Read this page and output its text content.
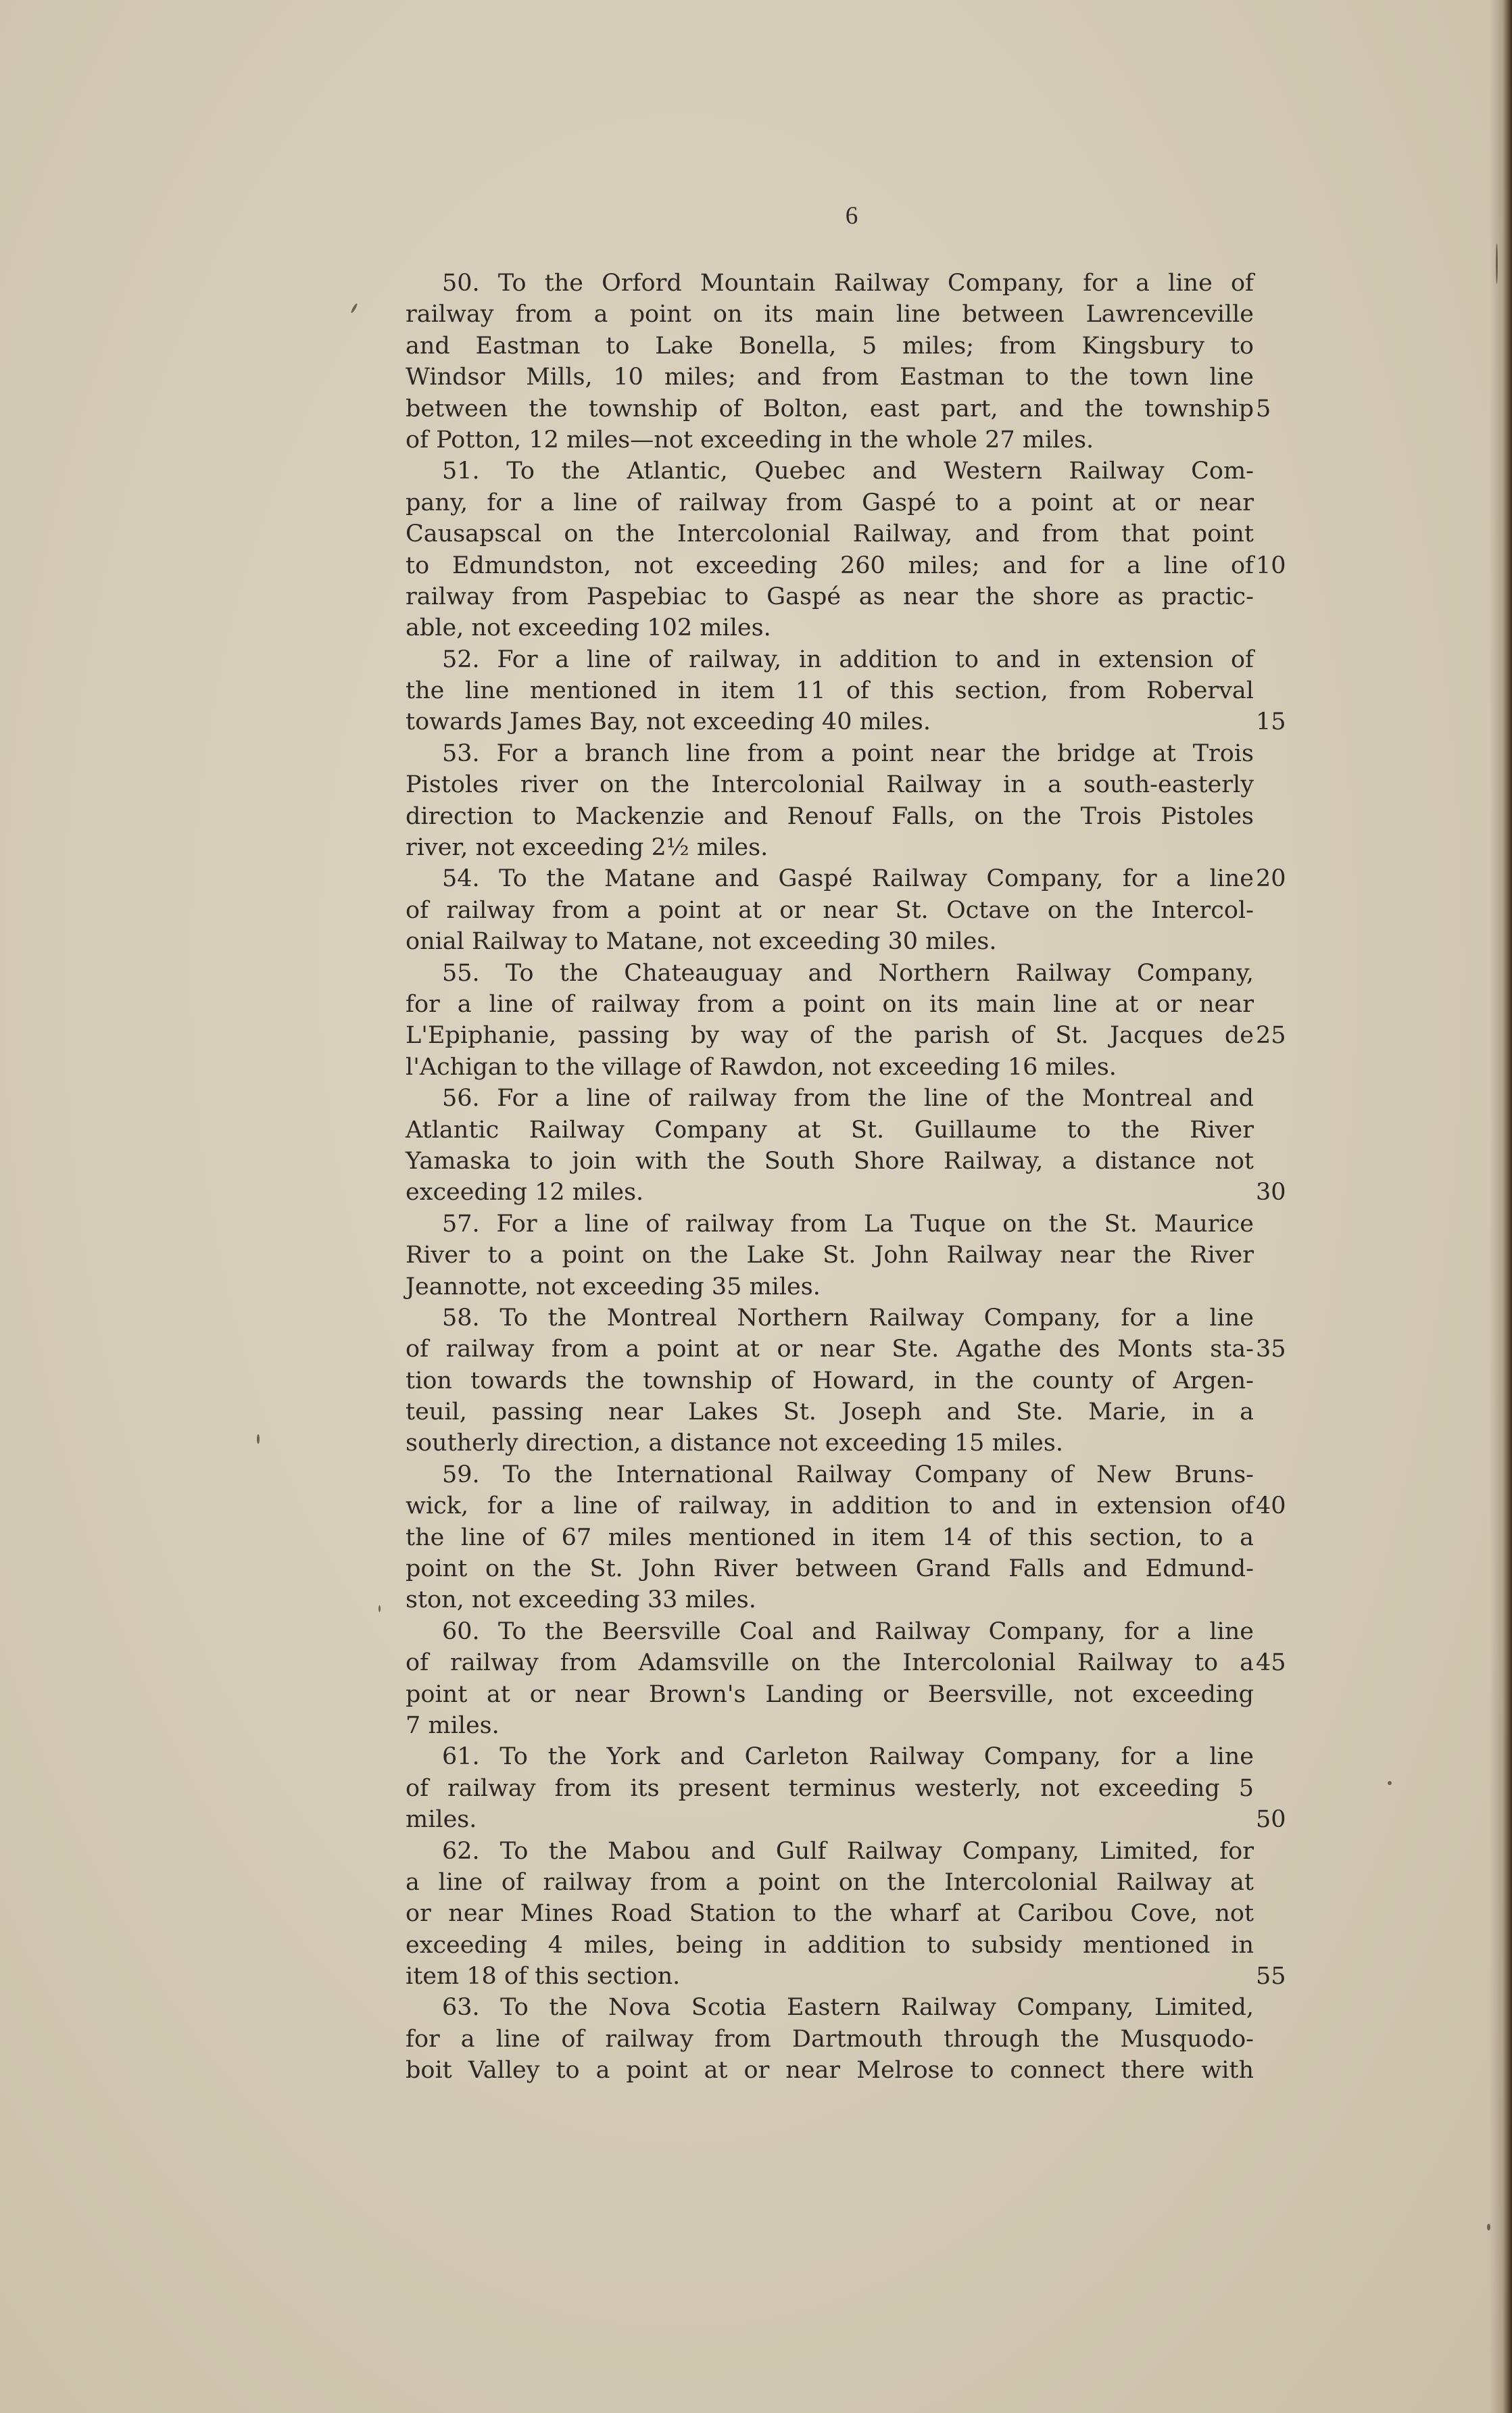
6
50. To the Orford Mountain Railway Company, for a line of
railway from a point on its main line between Lawrenceville
and Eastman to Lake Bonella, 5 miles; from Kingsbury to
Windsor Mills, 10 miles; and from Eastman to the town line
between the township of Bolton, east part, and the township
of Potton, 12 miles—not exceeding in the whole 27 miles.
51. To the Atlantic, Quebec and Western Railway Com-
pany, for a line of railway from Gaspé to a point at or near
Causapscal on the Intercolonial Railway, and from that point
to Edmundston, not exceeding 260 miles; and for a line of
railway from Paspebiac to Gaspé as near the shore as practic-
able, not exceeding 102 miles.
52. For a line of railway, in addition to and in extension of
the line mentioned in item 11 of this section, from Roberval
towards James Bay, not exceeding 40 miles.
53. For a branch line from a point near the bridge at Trois
Pistoles river on the Intercolonial Railway in a south-easterly
direction to Mackenzie and Renouf Falls, on the Trois Pistoles
river, not exceeding 2½ miles.
54. To the Matane and Gaspé Railway Company, for a line
of railway from a point at or near St. Octave on the Intercol-
onial Railway to Matane, not exceeding 30 miles.
55. To the Chateauguay and Northern Railway Company,
for a line of railway from a point on its main line at or near
L'Epiphanie, passing by way of the parish of St. Jacques de
l'Achigan to the village of Rawdon, not exceeding 16 miles.
56. For a line of railway from the line of the Montreal and
Atlantic Railway Company at St. Guillaume to the River
Yamaska to join with the South Shore Railway, a distance not
exceeding 12 miles.
57. For a line of railway from La Tuque on the St. Maurice
River to a point on the Lake St. John Railway near the River
Jeannotte, not exceeding 35 miles.
58. To the Montreal Northern Railway Company, for a line
of railway from a point at or near Ste. Agathe des Monts sta-
tion towards the township of Howard, in the county of Argen-
teuil, passing near Lakes St. Joseph and Ste. Marie, in a
southerly direction, a distance not exceeding 15 miles.
59. To the International Railway Company of New Bruns-
wick, for a line of railway, in addition to and in extension of
the line of 67 miles mentioned in item 14 of this section, to a
point on the St. John River between Grand Falls and Edmund-
ston, not exceeding 33 miles.
60. To the Beersville Coal and Railway Company, for a line
of railway from Adamsville on the Intercolonial Railway to a
point at or near Brown's Landing or Beersville, not exceeding
7 miles.
61. To the York and Carleton Railway Company, for a line
of railway from its present terminus westerly, not exceeding 5
miles.
62. To the Mabou and Gulf Railway Company, Limited, for
a line of railway from a point on the Intercolonial Railway at
or near Mines Road Station to the wharf at Caribou Cove, not
exceeding 4 miles, being in addition to subsidy mentioned in
item 18 of this section.
63. To the Nova Scotia Eastern Railway Company, Limited,
for a line of railway from Dartmouth through the Musquodo-
boit Valley to a point at or near Melrose to connect there with
5
10
15
20
25
30
35
40
45
50
55
